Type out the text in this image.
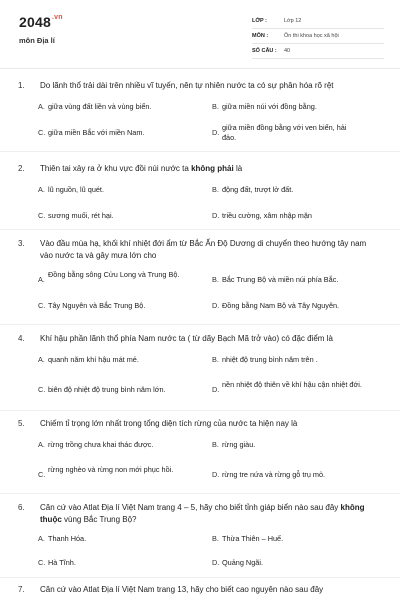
$2048^{.vn}$
môn Địa lí
LỚP :	Lớp 12
MÔN :	Ôn thi khoa học xã hội
SỐ CÂU : 40
1. Do lãnh thổ trải dài trên nhiều vĩ tuyến, nên tự nhiên nước ta có sự phân hóa rõ rệt
A. giữa vùng đất liền và vùng biển.	B. giữa miền núi với đồng bằng.
C. giữa miền Bắc với miền Nam.	D.
giữa miền đồng bằng với ven biển, hải đảo.
2. Thiên tai xảy ra ở khu vực đồi núi nước ta không phải là
A. lũ nguồn, lũ quét.	B. động đất, trượt lở đất.
C. sương muối, rét hại.	D. triều cường, xâm nhập mặn
3. Vào đầu mùa hạ, khối khí nhiệt đới ẩm từ Bắc Ấn Độ Dương di chuyển theo hướng tây nam vào nước ta và gây mưa lớn cho
A.
Đồng bằng sông Cửu Long và Trung Bộ.
B. Bắc Trung Bộ và miền núi phía Bắc.
C. Tây Nguyên và Bắc Trung Bộ.	D. Đồng bằng Nam Bộ và Tây Nguyên.
4. Khí hậu phần lãnh thổ phía Nam nước ta ( từ dãy Bạch Mã trở vào) có đặc điểm là
A. quanh năm khí hậu mát mẻ.	B. nhiệt độ trung bình năm trên .
C. biên độ nhiệt độ trung bình năm lớn.	D.
nền nhiệt độ thiên về khí hậu cận nhiệt đới.
5. Chiếm tỉ trọng lớn nhất trong tổng diện tích rừng của nước ta hiện nay là
A. rừng trồng chưa khai thác được.	B. rừng giàu.
C.
rừng nghèo và rừng non mới phục hồi.
D. rừng tre nứa và rừng gỗ trụ mỏ.
6. Căn cứ vào Atlat Địa lí Việt Nam trang 4 – 5, hãy cho biết tỉnh giáp biển nào sau đây không thuộc vùng Bắc Trung Bộ?
A. Thanh Hóa.	B. Thừa Thiên – Huế.
C. Hà Tĩnh.	D. Quảng Ngãi.
7. Căn cứ vào Atlat Địa lí Việt Nam trang 13, hãy cho biết cao nguyên nào sau đây
